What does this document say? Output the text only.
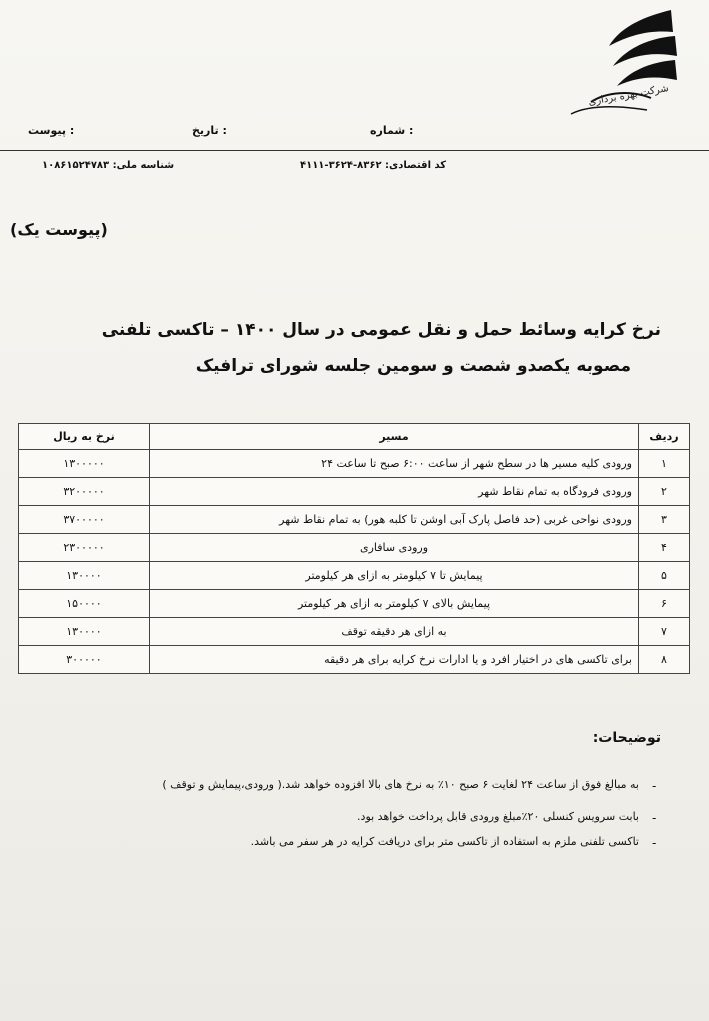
شرکت بهره برداری
پیوست :	تاریخ :	شماره :
شناسه ملی: ۱۰۸۶۱۵۲۴۷۸۳	کد اقتصادی: ۸۳۶۲-۳۶۲۴-۴۱۱۱
(پیوست یک)
نرخ کرایه وسائط حمل و نقل عمومی در سال ۱۴۰۰ – تاکسی تلفنی
مصوبه یکصدو شصت و سومین جلسه شورای ترافیک
ردیف	مسیر	نرخ به ریال
۱	ورودی کلیه مسیر ها در سطح شهر از ساعت ۶:۰۰ صبح تا ساعت ۲۴	۱۳۰۰۰۰۰
۲	ورودی فرودگاه به تمام نقاط شهر	۳۲۰۰۰۰۰
۳	ورودی نواحی غربی (حد فاصل پارک آبی اوشن تا کلبه هور) به تمام نقاط شهر	۳۷۰۰۰۰۰
۴	ورودی سافاری	۲۳۰۰۰۰۰
۵	پیمایش تا ۷ کیلومتر به ازای هر کیلومتر	۱۳۰۰۰۰
۶	پیمایش بالای ۷ کیلومتر به ازای هر کیلومتر	۱۵۰۰۰۰
۷	به ازای هر دقیقه توقف	۱۳۰۰۰۰
۸	برای تاکسی های در اختیار افرد و یا ادارات نرخ کرایه برای هر دقیقه	۳۰۰۰۰۰
توضیحات:
-
به مبالغ فوق از ساعت ۲۴ لغایت ۶ صبح ۱۰٪ به نرخ های بالا افزوده خواهد شد.( ورودی،پیمایش و توقف )
-
بابت سرویس کنسلی ۲۰٪مبلغ ورودی قابل پرداخت خواهد بود.
-
تاکسی تلفنی ملزم به استفاده از تاکسی متر برای دریافت کرایه در هر سفر می باشد.
